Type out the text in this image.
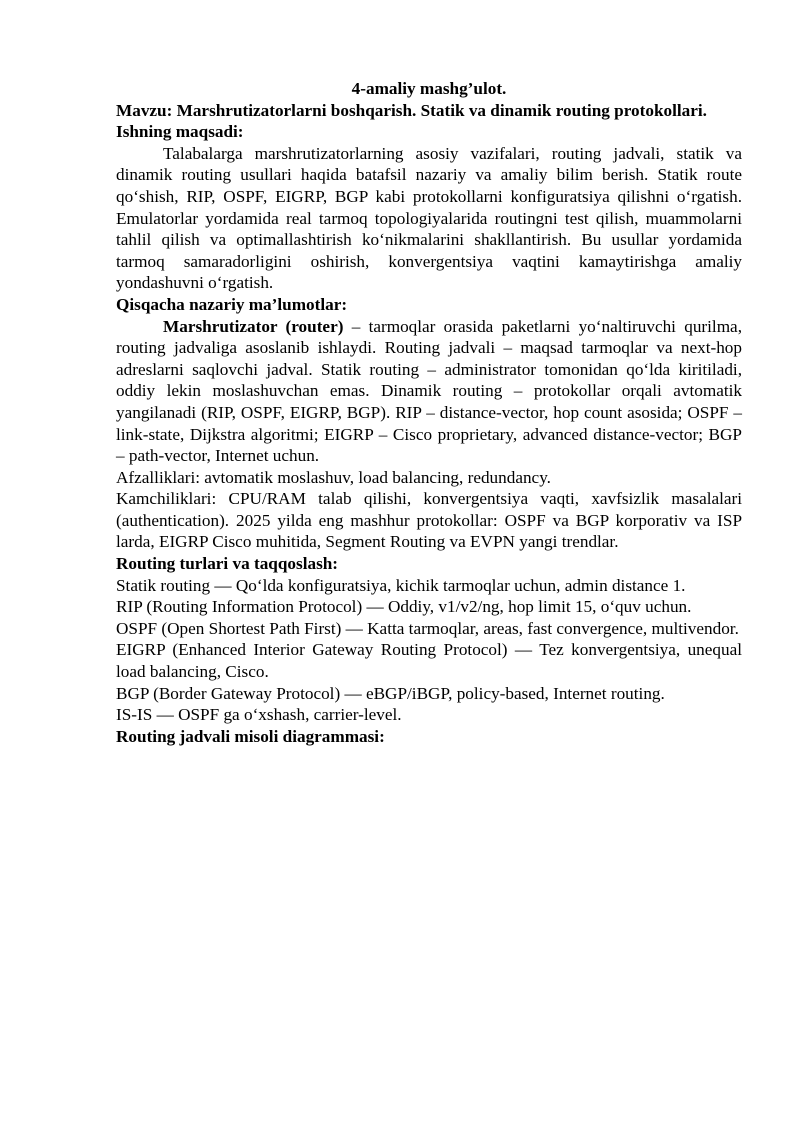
4-amaliy mashg’ulot.

Mavzu: Marshrutizatorlarni boshqarish. Statik va dinamik routing protokollari.

Ishning maqsadi:

Talabalarga marshrutizatorlarning asosiy vazifalari, routing jadvali, statik va dinamik routing usullari haqida batafsil nazariy va amaliy bilim berish. Statik route qo‘shish, RIP, OSPF, EIGRP, BGP kabi protokollarni konfiguratsiya qilishni o‘rgatish. Emulatorlar yordamida real tarmoq topologiyalarida routingni test qilish, muammolarni tahlil qilish va optimallashtirish ko‘nikmalarini shakllantirish. Bu usullar yordamida tarmoq samaradorligini oshirish, konvergentsiya vaqtini kamaytirishga amaliy yondashuvni o‘rgatish.

Qisqacha nazariy ma’lumotlar:

Marshrutizator (router) – tarmoqlar orasida paketlarni yo‘naltiruvchi qurilma, routing jadvaliga asoslanib ishlaydi. Routing jadvali – maqsad tarmoqlar va next-hop adreslarni saqlovchi jadval. Statik routing – administrator tomonidan qo‘lda kiritiladi, oddiy lekin moslashuvchan emas. Dinamik routing – protokollar orqali avtomatik yangilanadi (RIP, OSPF, EIGRP, BGP). RIP – distance-vector, hop count asosida; OSPF – link-state, Dijkstra algoritmi; EIGRP – Cisco proprietary, advanced distance-vector; BGP – path-vector, Internet uchun.

Afzalliklari: avtomatik moslashuv, load balancing, redundancy.

Kamchiliklari: CPU/RAM talab qilishi, konvergentsiya vaqti, xavfsizlik masalalari (authentication). 2025 yilda eng mashhur protokollar: OSPF va BGP korporativ va ISP larda, EIGRP Cisco muhitida, Segment Routing va EVPN yangi trendlar.

Routing turlari va taqqoslash:

Statik routing — Qo‘lda konfiguratsiya, kichik tarmoqlar uchun, admin distance 1.

RIP (Routing Information Protocol) — Oddiy, v1/v2/ng, hop limit 15, o‘quv uchun.

OSPF (Open Shortest Path First) — Katta tarmoqlar, areas, fast convergence, multivendor.

EIGRP (Enhanced Interior Gateway Routing Protocol) — Tez konvergentsiya, unequal load balancing, Cisco.

BGP (Border Gateway Protocol) — eBGP/iBGP, policy-based, Internet routing.

IS-IS — OSPF ga o‘xshash, carrier-level.

Routing jadvali misoli diagrammasi:
